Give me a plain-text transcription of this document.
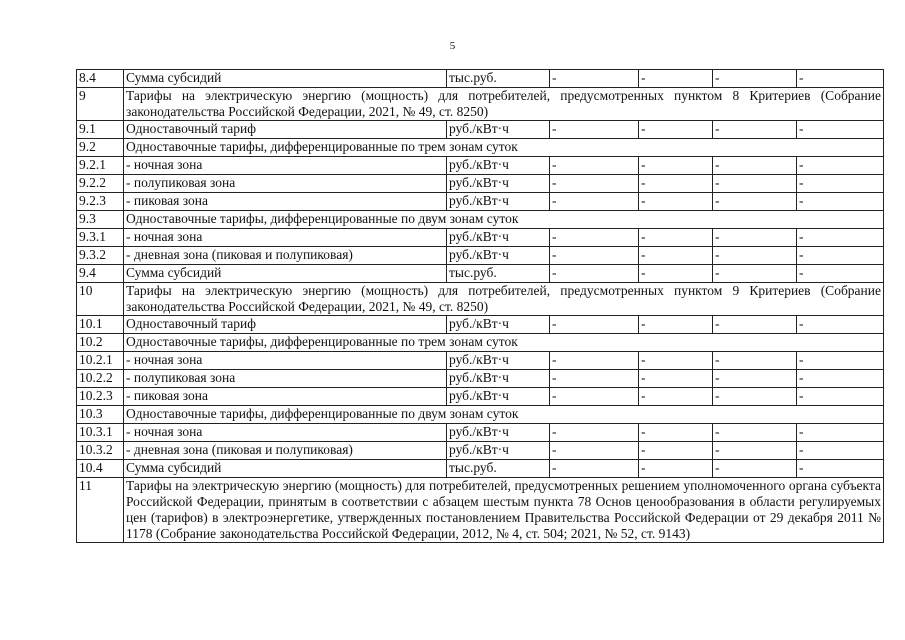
5
8.4	Сумма субсидий	тыс.руб.	-	-	-	-
9	Тарифы на электрическую энергию (мощность) для потребителей, предусмотренных пунктом 8 Критериев (Собрание законодательства Российской Федерации, 2021, № 49, ст. 8250)					
9.1	Одноставочный тариф	руб./кВт·ч	-	-	-	-
9.2	Одноставочные тарифы, дифференцированные по трем зонам суток					
9.2.1	- ночная зона	руб./кВт·ч	-	-	-	-
9.2.2	- полупиковая зона	руб./кВт·ч	-	-	-	-
9.2.3	- пиковая зона	руб./кВт·ч	-	-	-	-
9.3	Одноставочные тарифы, дифференцированные по двум зонам суток					
9.3.1	- ночная зона	руб./кВт·ч	-	-	-	-
9.3.2	- дневная зона (пиковая и полупиковая)	руб./кВт·ч	-	-	-	-
9.4	Сумма субсидий	тыс.руб.	-	-	-	-
10	Тарифы на электрическую энергию (мощность) для потребителей, предусмотренных пунктом 9 Критериев (Собрание законодательства Российской Федерации, 2021, № 49, ст. 8250)					
10.1	Одноставочный тариф	руб./кВт·ч	-	-	-	-
10.2	Одноставочные тарифы, дифференцированные по трем зонам суток					
10.2.1	- ночная зона	руб./кВт·ч	-	-	-	-
10.2.2	- полупиковая зона	руб./кВт·ч	-	-	-	-
10.2.3	- пиковая зона	руб./кВт·ч	-	-	-	-
10.3	Одноставочные тарифы, дифференцированные по двум зонам суток					
10.3.1	- ночная зона	руб./кВт·ч	-	-	-	-
10.3.2	- дневная зона (пиковая и полупиковая)	руб./кВт·ч	-	-	-	-
10.4	Сумма субсидий	тыс.руб.	-	-	-	-
11	Тарифы на электрическую энергию (мощность) для потребителей, предусмотренных решением уполномоченного органа субъекта Российской Федерации, принятым в соответствии с абзацем шестым пункта 78 Основ ценообразования в области регулируемых цен (тарифов) в электроэнергетике, утвержденных постановлением Правительства Российской Федерации от 29 декабря 2011 № 1178 (Собрание законодательства Российской Федерации, 2012, № 4, ст. 504; 2021, № 52, ст. 9143)					
